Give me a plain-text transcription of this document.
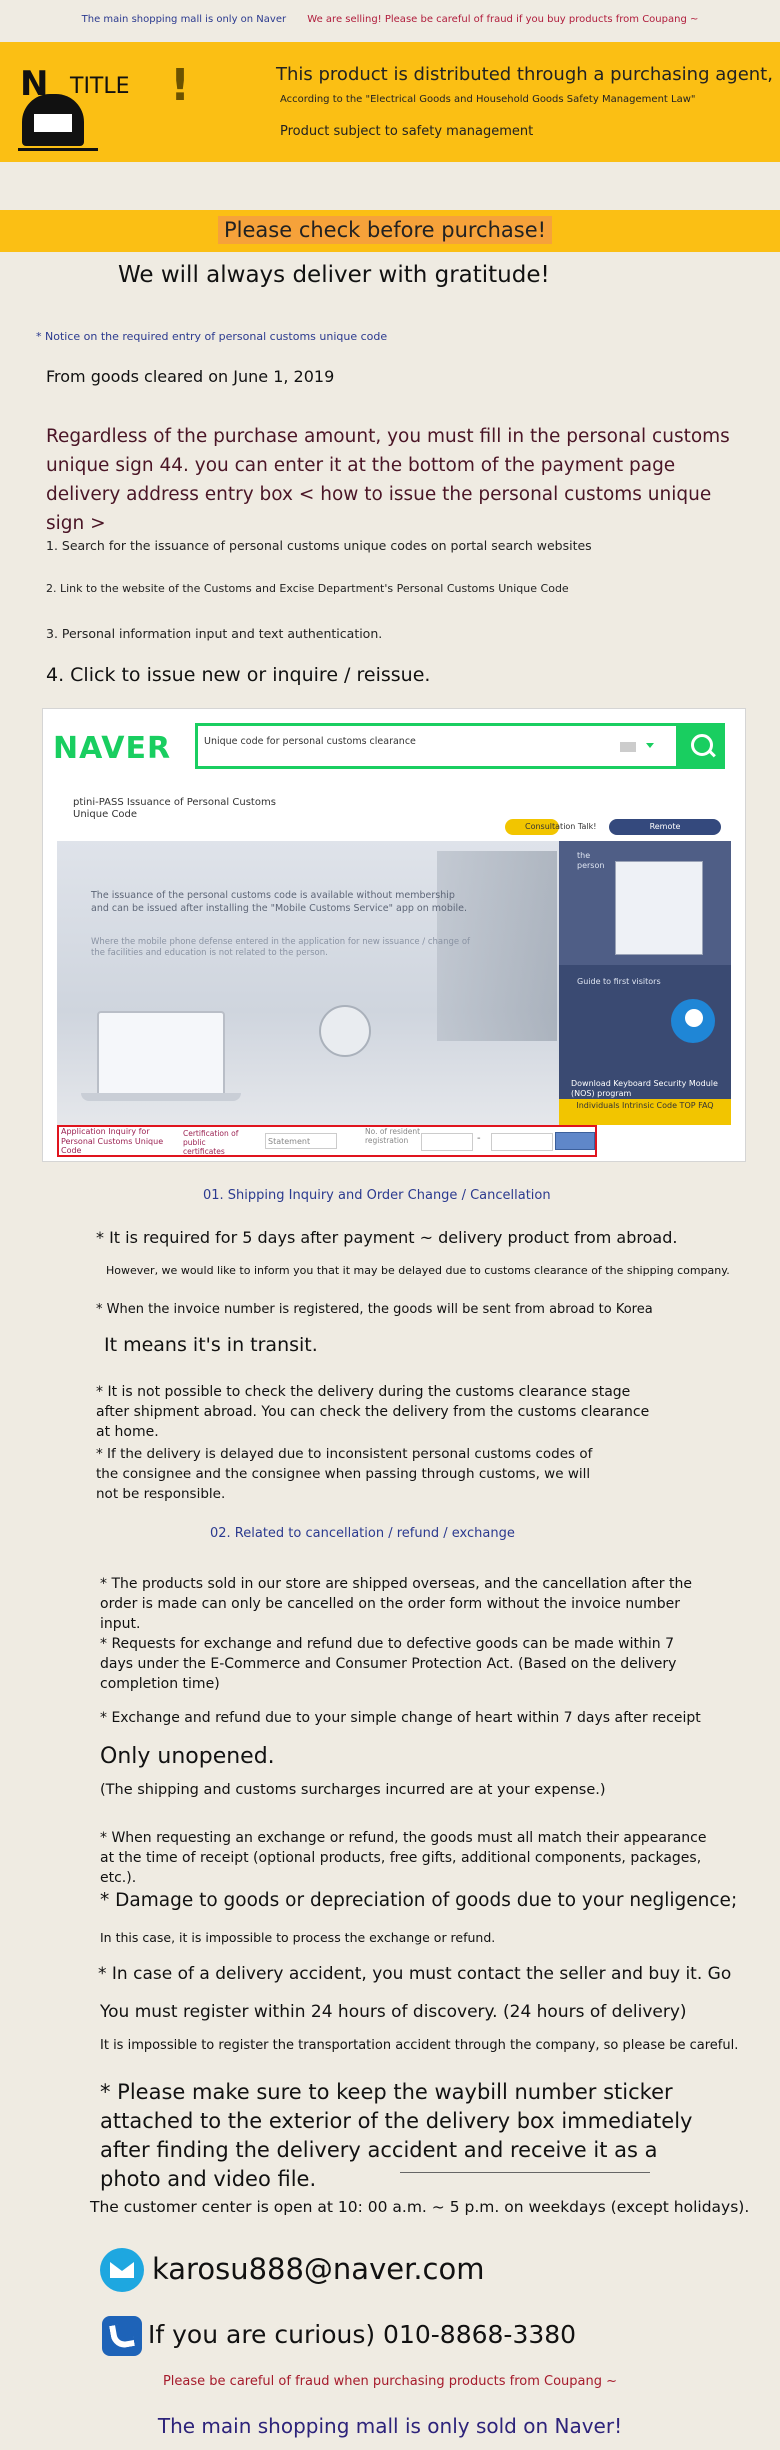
The main shopping mall is only on Naver We are selling! Please be careful of fraud if you buy products from Coupang ~
N TITLE !	This product is distributed through a purchasing agent,
According to the "Electrical Goods and Household Goods Safety Management Law"
Product subject to safety management
Please check before purchase!
We will always deliver with gratitude!
* Notice on the required entry of personal customs unique code
From goods cleared on June 1, 2019
Regardless of the purchase amount, you must fill in the personal customs unique sign 44. you can enter it at the bottom of the payment page delivery address entry box < how to issue the personal customs unique sign >
1. Search for the issuance of personal customs unique codes on portal search websites
2. Link to the website of the Customs and Excise Department's Personal Customs Unique Code
3. Personal information input and text authentication.
4. Click to issue new or inquire / reissue.
NAVER	Unique code for personal customs clearance
ptini-PASS Issuance of Personal Customs Unique Code
Consultation Talk!	Remote
The issuance of the personal customs code is available without membership and can be issued after installing the "Mobile Customs Service" app on mobile.
Where the mobile phone defense entered in the application for new issuance / change of the facilities and education is not related to the person.
the person
Guide to first visitors
Download Keyboard Security Module (NOS) program
Individuals Intrinsic Code TOP FAQ
Application Inquiry for Personal Customs Unique Code
Certification of public certificates
Statement
No. of resident registration	-
01. Shipping Inquiry and Order Change / Cancellation
* It is required for 5 days after payment ~ delivery product from abroad.
However, we would like to inform you that it may be delayed due to customs clearance of the shipping company.
* When the invoice number is registered, the goods will be sent from abroad to Korea
It means it's in transit.
* It is not possible to check the delivery during the customs clearance stage after shipment abroad. You can check the delivery from the customs clearance at home.
* If the delivery is delayed due to inconsistent personal customs codes of the consignee and the consignee when passing through customs, we will not be responsible.
02. Related to cancellation / refund / exchange
* The products sold in our store are shipped overseas, and the cancellation after the order is made can only be cancelled on the order form without the invoice number input.
* Requests for exchange and refund due to defective goods can be made within 7 days under the E-Commerce and Consumer Protection Act. (Based on the delivery completion time)
* Exchange and refund due to your simple change of heart within 7 days after receipt
Only unopened.
(The shipping and customs surcharges incurred are at your expense.)
* When requesting an exchange or refund, the goods must all match their appearance at the time of receipt (optional products, free gifts, additional components, packages, etc.).
* Damage to goods or depreciation of goods due to your negligence;
In this case, it is impossible to process the exchange or refund.
* In case of a delivery accident, you must contact the seller and buy it. Go
You must register within 24 hours of discovery. (24 hours of delivery)
It is impossible to register the transportation accident through the company, so please be careful.
* Please make sure to keep the waybill number sticker attached to the exterior of the delivery box immediately after finding the delivery accident and receive it as a photo and video file.
The customer center is open at 10: 00 a.m. ~ 5 p.m. on weekdays (except holidays).
karosu888@naver.com
If you are curious) 010-8868-3380
Please be careful of fraud when purchasing products from Coupang ~
The main shopping mall is only sold on Naver!
